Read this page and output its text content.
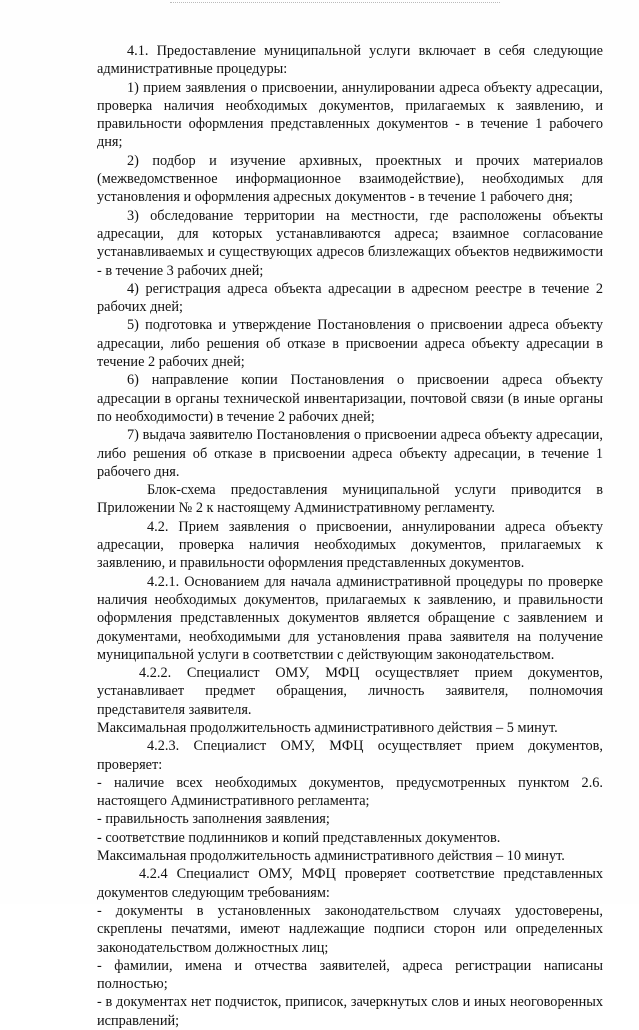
4.1. Предоставление муниципальной услуги включает в себя следующие административные процедуры:

1) прием заявления о присвоении, аннулировании адреса объекту адресации, проверка наличия необходимых документов, прилагаемых к заявлению, и правильности оформления представленных документов - в течение 1 рабочего дня;

2) подбор и изучение архивных, проектных и прочих материалов (межведомственное информационное взаимодействие), необходимых для установления и оформления адресных документов - в течение 1 рабочего дня;

3) обследование территории на местности, где расположены объекты адресации, для которых устанавливаются адреса; взаимное согласование устанавливаемых и существующих адресов близлежащих объектов недвижимости - в течение 3 рабочих дней;

4) регистрация адреса объекта адресации в адресном реестре в течение 2 рабочих дней;

5) подготовка и утверждение Постановления о присвоении адреса объекту адресации, либо решения об отказе в присвоении адреса объекту адресации в течение 2 рабочих дней;

6) направление копии Постановления о присвоении адреса объекту адресации в органы технической инвентаризации, почтовой связи (в иные органы по необходимости) в течение 2 рабочих дней;

7) выдача заявителю Постановления о присвоении адреса объекту адресации, либо решения об отказе в присвоении адреса объекту адресации, в течение 1 рабочего дня.

Блок-схема предоставления муниципальной услуги приводится в Приложении № 2 к настоящему Административному регламенту.

4.2. Прием заявления о присвоении, аннулировании адреса объекту адресации, проверка наличия необходимых документов, прилагаемых к заявлению, и правильности оформления представленных документов.

4.2.1. Основанием для начала административной процедуры по проверке наличия необходимых документов, прилагаемых к заявлению, и правильности оформления представленных документов является обращение с заявлением и документами, необходимыми для установления права заявителя на получение муниципальной услуги в соответствии с действующим законодательством.

4.2.2. Специалист ОМУ, МФЦ осуществляет прием документов, устанавливает предмет обращения, личность заявителя, полномочия представителя заявителя.

Максимальная продолжительность административного действия – 5 минут.

4.2.3. Специалист ОМУ, МФЦ осуществляет прием документов, проверяет:

- наличие всех необходимых документов, предусмотренных пунктом 2.6. настоящего Административного регламента;

- правильность заполнения заявления;

- соответствие подлинников и копий представленных документов.

Максимальная продолжительность административного действия – 10 минут.

4.2.4 Специалист ОМУ, МФЦ проверяет соответствие представленных документов следующим требованиям:

- документы в установленных законодательством случаях удостоверены, скреплены печатями, имеют надлежащие подписи сторон или определенных законодательством должностных лиц;

- фамилии, имена и отчества заявителей, адреса регистрации написаны полностью;

- в документах нет подчисток, приписок, зачеркнутых слов и иных неоговоренных исправлений;
